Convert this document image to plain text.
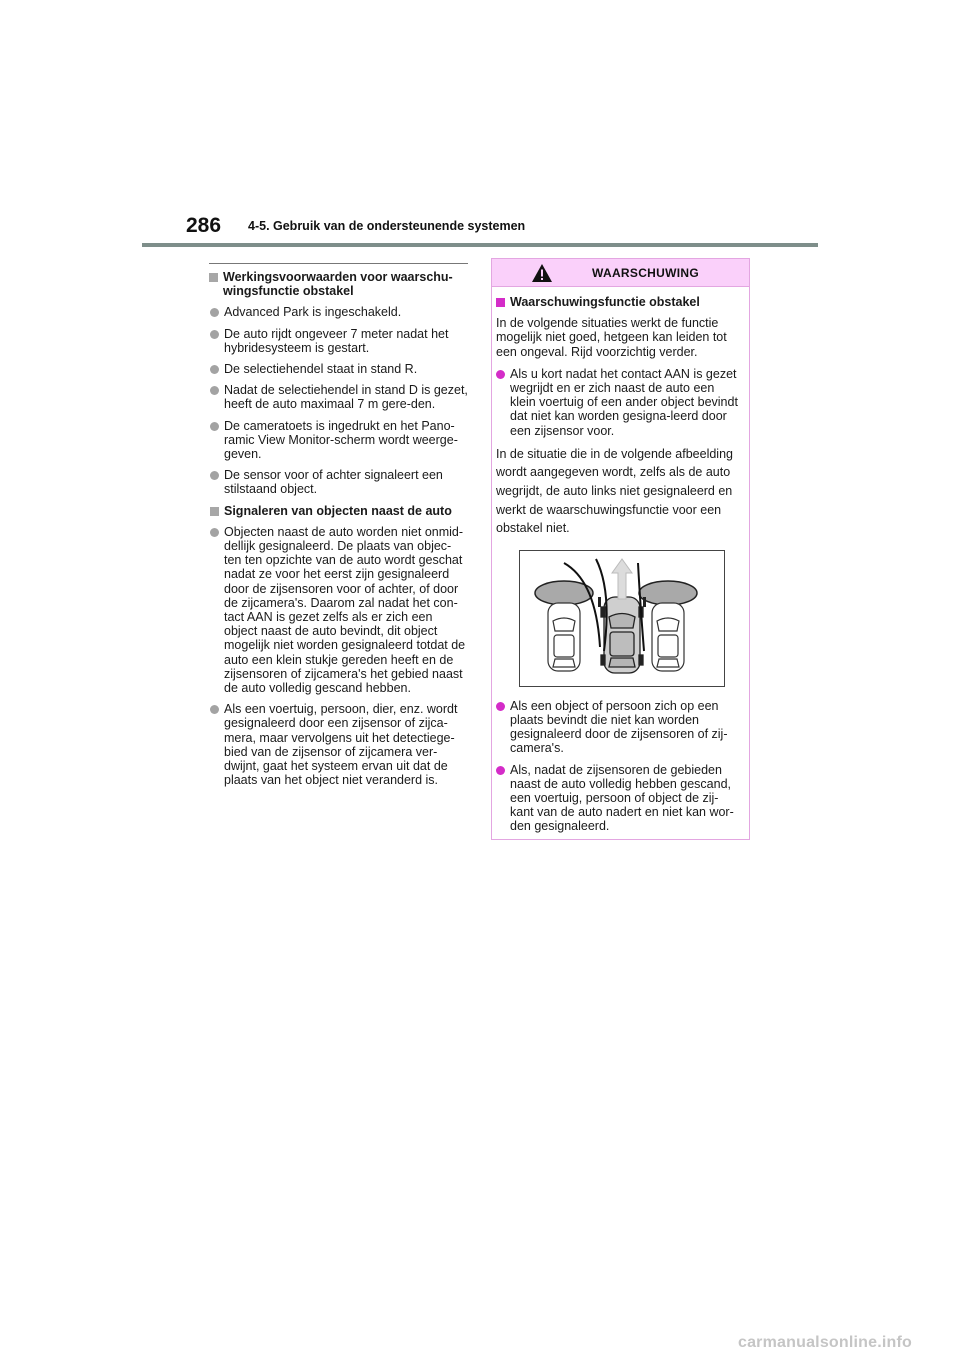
286 4-5. Gebruik van de ondersteunende systemen
Werkingsvoorwaarden voor waarschu-wingsfunctie obstakel
Advanced Park is ingeschakeld.
De auto rijdt ongeveer 7 meter nadat het hybridesysteem is gestart.
De selectiehendel staat in stand R.
Nadat de selectiehendel in stand D is gezet, heeft de auto maximaal 7 m gere-den.
De cameratoets is ingedrukt en het Pano-ramic View Monitor-scherm wordt weerge-geven.
De sensor voor of achter signaleert een stilstaand object.
Signaleren van objecten naast de auto
Objecten naast de auto worden niet onmid-dellijk gesignaleerd. De plaats van objec-ten ten opzichte van de auto wordt geschat nadat ze voor het eerst zijn gesignaleerd door de zijsensoren voor of achter, of door de zijcamera's. Daarom zal nadat het con-tact AAN is gezet zelfs als er zich een object naast de auto bevindt, dit object mogelijk niet worden gesignaleerd totdat de auto een klein stukje gereden heeft en de zijsensoren of zijcamera's het gebied naast de auto volledig gescand hebben.
Als een voertuig, persoon, dier, enz. wordt gesignaleerd door een zijsensor of zijca-mera, maar vervolgens uit het detectiege-bied van de zijsensor of zijcamera ver-dwijnt, gaat het systeem ervan uit dat de plaats van het object niet veranderd is.
WAARSCHUWING
Waarschuwingsfunctie obstakel

In de volgende situaties werkt de functie mogelijk niet goed, hetgeen kan leiden tot een ongeval. Rijd voorzichtig verder.

Als u kort nadat het contact AAN is gezet wegrijdt en er zich naast de auto een klein voertuig of een ander object bevindt dat niet kan worden gesigna-leerd door een zijsensor voor.

In de situatie die in de volgende afbeelding wordt aangegeven wordt, zelfs als de auto wegrijdt, de auto links niet gesignaleerd en werkt de waarschuwingsfunctie voor een obstakel niet.

Als een object of persoon zich op een plaats bevindt die niet kan worden gesignaleerd door de zijsensoren of zij-camera's.
Als, nadat de zijsensoren de gebieden naast de auto volledig hebben gescand, een voertuig, persoon of object de zij-kant van de auto nadert en niet kan wor-den gesignaleerd.
carmanualsonline.info
